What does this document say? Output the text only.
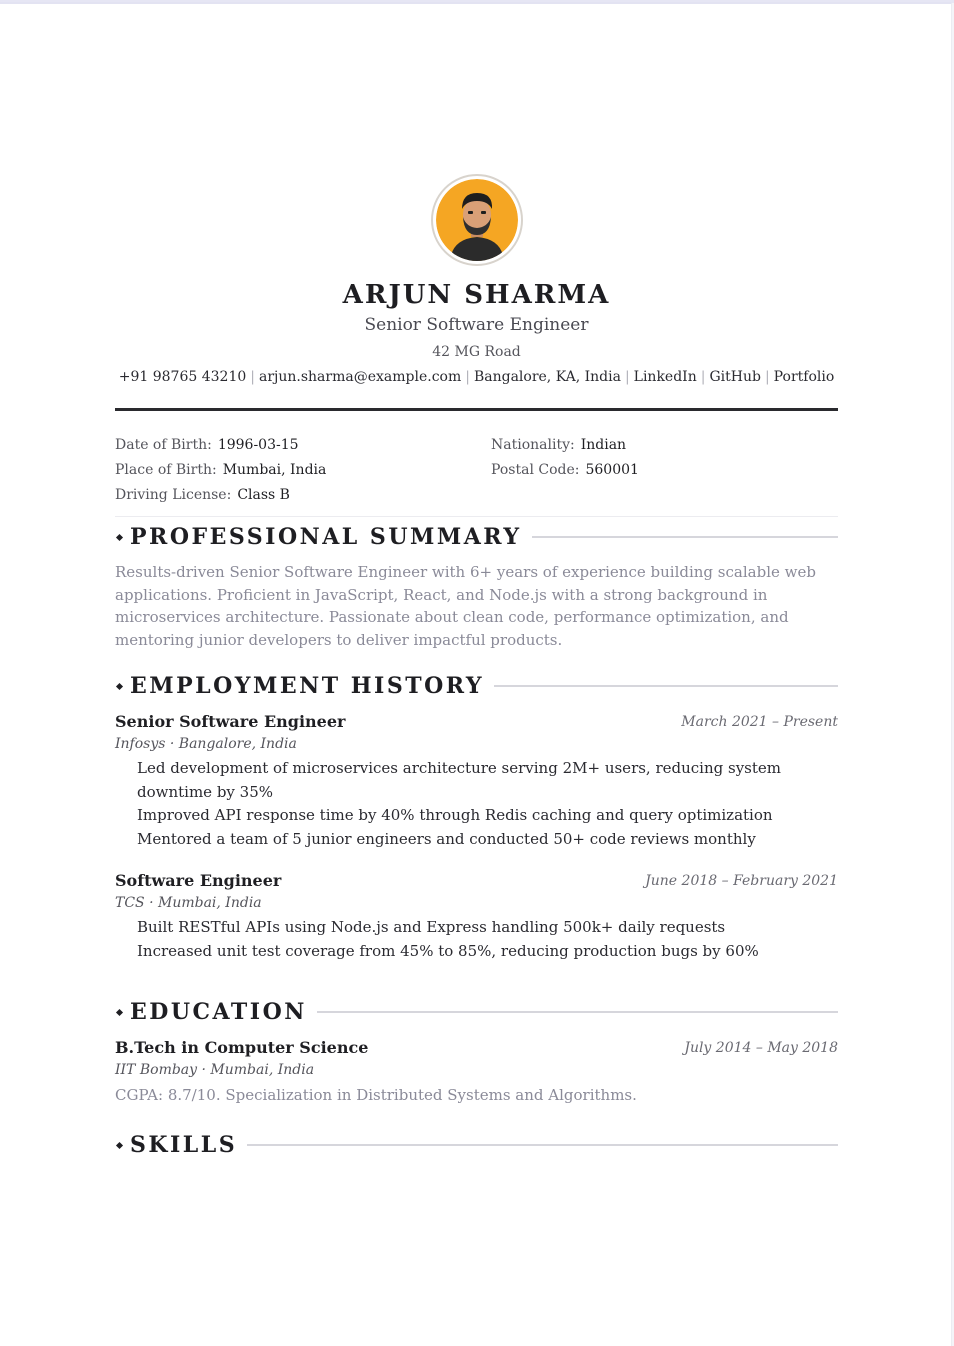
ARJUN SHARMA
Senior Software Engineer
42 MG Road
+91 98765 43210 | arjun.sharma@example.com | Bangalore, KA, India | LinkedIn | GitHub | Portfolio
Date of Birth: 1996-03-15
Place of Birth: Mumbai, India
Driving License: Class B
Nationality: Indian
Postal Code: 560001
PROFESSIONAL SUMMARY
Results-driven Senior Software Engineer with 6+ years of experience building scalable web applications. Proficient in JavaScript, React, and Node.js with a strong background in microservices architecture. Passionate about clean code, performance optimization, and mentoring junior developers to deliver impactful products.
EMPLOYMENT HISTORY
Senior Software Engineer	March 2021 – Present
Infosys · Bangalore, India
Led development of microservices architecture serving 2M+ users, reducing system downtime by 35%
Improved API response time by 40% through Redis caching and query optimization
Mentored a team of 5 junior engineers and conducted 50+ code reviews monthly
Software Engineer	June 2018 – February 2021
TCS · Mumbai, India
Built RESTful APIs using Node.js and Express handling 500k+ daily requests
Increased unit test coverage from 45% to 85%, reducing production bugs by 60%
EDUCATION
B.Tech in Computer Science	July 2014 – May 2018
IIT Bombay · Mumbai, India
CGPA: 8.7/10. Specialization in Distributed Systems and Algorithms.
SKILLS
